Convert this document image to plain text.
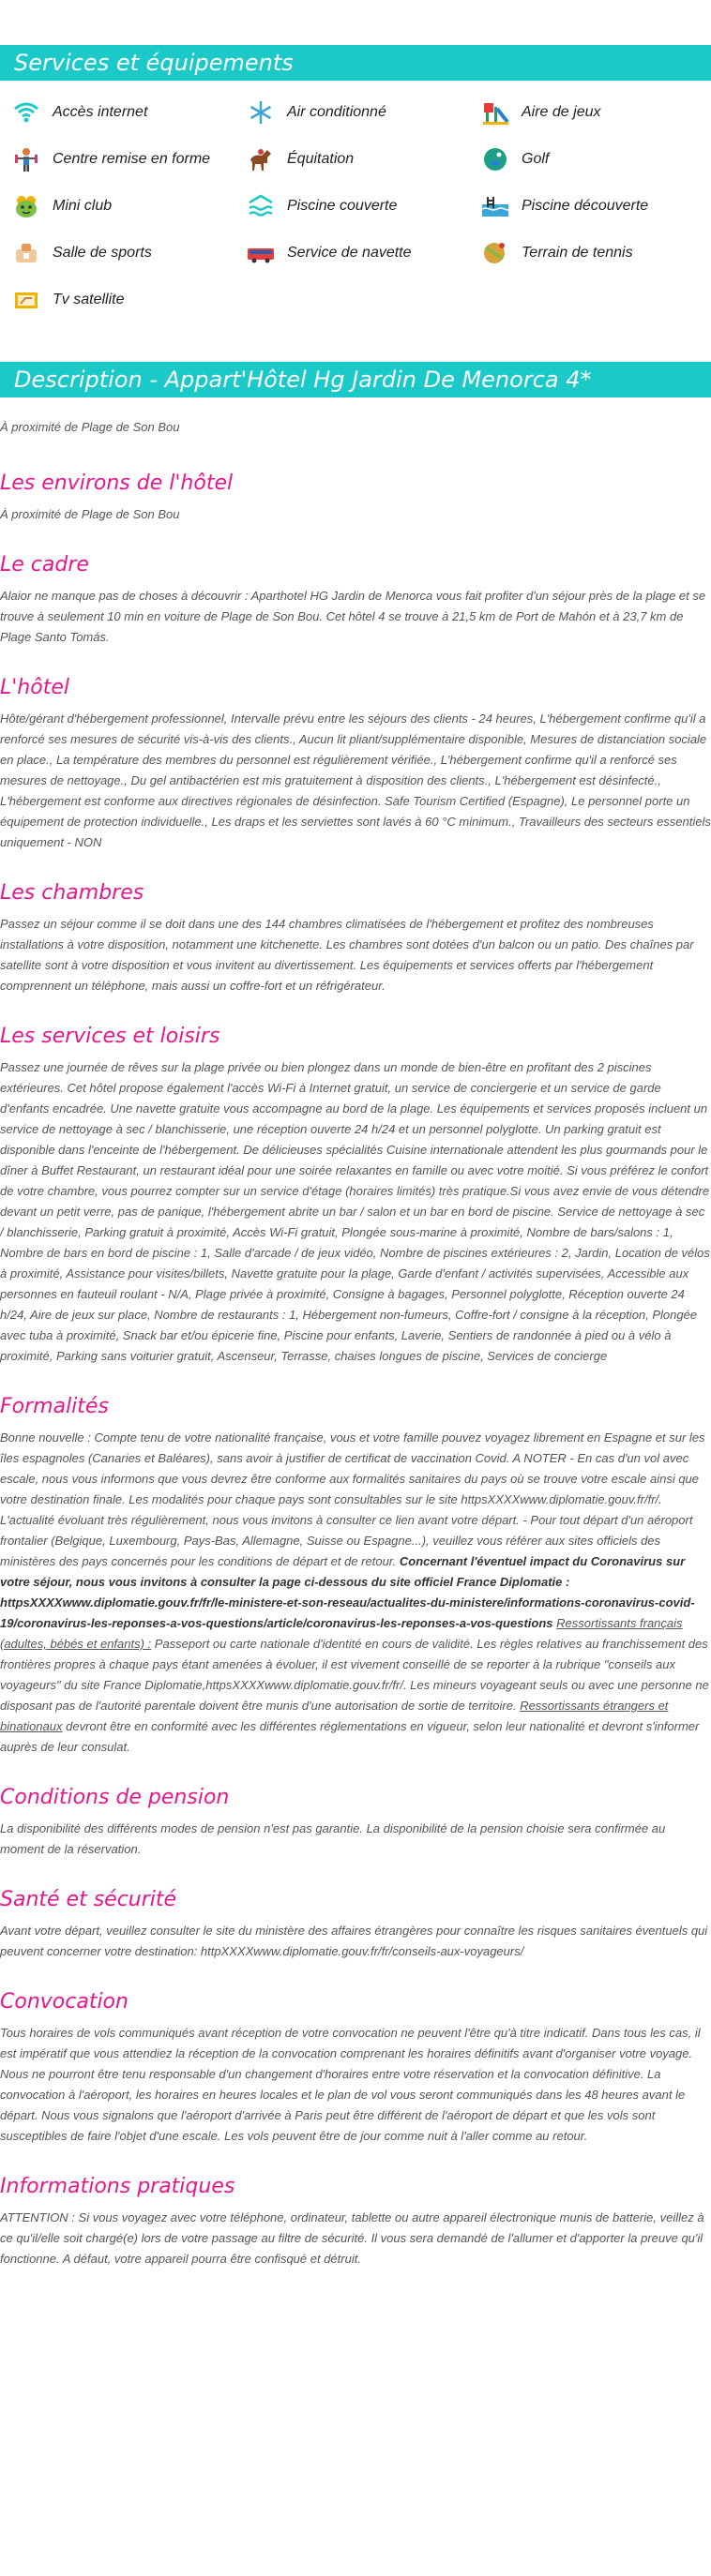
Services et équipements
Accès internet	Air conditionné	Aire de jeux
Centre remise en forme	Équitation	Golf
Mini club	Piscine couverte	Piscine découverte
Salle de sports	Service de navette	Terrain de tennis
Tv satellite
Description - Appart'Hôtel Hg Jardin De Menorca 4*
À proximité de Plage de Son Bou
Les environs de l'hôtel

À proximité de Plage de Son Bou

Le cadre

Alaior ne manque pas de choses à découvrir : Aparthotel HG Jardin de Menorca vous fait profiter d'un séjour près de la plage et se trouve à seulement 10 min en voiture de Plage de Son Bou. Cet hôtel 4 se trouve à 21,5 km de Port de Mahón et à 23,7 km de Plage Santo Tomás.

L'hôtel

Hôte/gérant d'hébergement professionnel, Intervalle prévu entre les séjours des clients - 24 heures, L'hébergement confirme qu'il a renforcé ses mesures de sécurité vis-à-vis des clients., Aucun lit pliant/supplémentaire disponible, Mesures de distanciation sociale en place., La température des membres du personnel est régulièrement vérifiée., L'hébergement confirme qu'il a renforcé ses mesures de nettoyage., Du gel antibactérien est mis gratuitement à disposition des clients., L'hébergement est désinfecté., L'hébergement est conforme aux directives régionales de désinfection. Safe Tourism Certified (Espagne), Le personnel porte un équipement de protection individuelle., Les draps et les serviettes sont lavés à 60 °C minimum., Travailleurs des secteurs essentiels uniquement - NON

Les chambres

Passez un séjour comme il se doit dans une des 144 chambres climatisées de l'hébergement et profitez des nombreuses installations à votre disposition, notamment une kitchenette. Les chambres sont dotées d'un balcon ou un patio. Des chaînes par satellite sont à votre disposition et vous invitent au divertissement. Les équipements et services offerts par l'hébergement comprennent un téléphone, mais aussi un coffre-fort et un réfrigérateur.

Les services et loisirs

Passez une journée de rêves sur la plage privée ou bien plongez dans un monde de bien-être en profitant des 2 piscines extérieures. Cet hôtel propose également l'accès Wi-Fi à Internet gratuit, un service de conciergerie et un service de garde d'enfants encadrée. Une navette gratuite vous accompagne au bord de la plage. Les équipements et services proposés incluent un service de nettoyage à sec / blanchisserie, une réception ouverte 24 h/24 et un personnel polyglotte. Un parking gratuit est disponible dans l'enceinte de l'hébergement. De délicieuses spécialités Cuisine internationale attendent les plus gourmands pour le dîner à Buffet Restaurant, un restaurant idéal pour une soirée relaxantes en famille ou avec votre moitié. Si vous préférez le confort de votre chambre, vous pourrez compter sur un service d'étage (horaires limités) très pratique.Si vous avez envie de vous détendre devant un petit verre, pas de panique, l'hébergement abrite un bar / salon et un bar en bord de piscine. Service de nettoyage à sec / blanchisserie, Parking gratuit à proximité, Accès Wi-Fi gratuit, Plongée sous-marine à proximité, Nombre de bars/salons : 1, Nombre de bars en bord de piscine : 1, Salle d'arcade / de jeux vidéo, Nombre de piscines extérieures : 2, Jardin, Location de vélos à proximité, Assistance pour visites/billets, Navette gratuite pour la plage, Garde d'enfant / activités supervisées, Accessible aux personnes en fauteuil roulant - N/A, Plage privée à proximité, Consigne à bagages, Personnel polyglotte, Réception ouverte 24 h/24, Aire de jeux sur place, Nombre de restaurants : 1, Hébergement non-fumeurs, Coffre-fort / consigne à la réception, Plongée avec tuba à proximité, Snack bar et/ou épicerie fine, Piscine pour enfants, Laverie, Sentiers de randonnée à pied ou à vélo à proximité, Parking sans voiturier gratuit, Ascenseur, Terrasse, chaises longues de piscine, Services de concierge

Formalités

Bonne nouvelle : Compte tenu de votre nationalité française, vous et votre famille pouvez voyagez librement en Espagne et sur les îles espagnoles (Canaries et Baléares), sans avoir à justifier de certificat de vaccination Covid. A NOTER - En cas d'un vol avec escale, nous vous informons que vous devrez être conforme aux formalités sanitaires du pays où se trouve votre escale ainsi que votre destination finale. Les modalités pour chaque pays sont consultables sur le site httpsXXXXwww.diplomatie.gouv.fr/fr/. L'actualité évoluant très régulièrement, nous vous invitons à consulter ce lien avant votre départ. - Pour tout départ d'un aéroport frontalier (Belgique, Luxembourg, Pays-Bas, Allemagne, Suisse ou Espagne...), veuillez vous référer aux sites officiels des ministères des pays concernés pour les conditions de départ et de retour. Concernant l'éventuel impact du Coronavirus sur votre séjour, nous vous invitons à consulter la page ci-dessous du site officiel France Diplomatie : httpsXXXXwww.diplomatie.gouv.fr/fr/le-ministere-et-son-reseau/actualites-du-ministere/informations-coronavirus-covid-19/coronavirus-les-reponses-a-vos-questions/article/coronavirus-les-reponses-a-vos-questions Ressortissants français (adultes, bébés et enfants) : Passeport ou carte nationale d'identité en cours de validité. Les règles relatives au franchissement des frontières propres à chaque pays étant amenées à évoluer, il est vivement conseillé de se reporter à la rubrique "conseils aux voyageurs" du site France Diplomatie,httpsXXXXwww.diplomatie.gouv.fr/fr/. Les mineurs voyageant seuls ou avec une personne ne disposant pas de l'autorité parentale doivent être munis d'une autorisation de sortie de territoire. Ressortissants étrangers et binationaux devront être en conformité avec les différentes réglementations en vigueur, selon leur nationalité et devront s'informer auprès de leur consulat.

Conditions de pension

La disponibilité des différents modes de pension n'est pas garantie. La disponibilité de la pension choisie sera confirmée au moment de la réservation.

Santé et sécurité

Avant votre départ, veuillez consulter le site du ministère des affaires étrangères pour connaître les risques sanitaires éventuels qui peuvent concerner votre destination: httpXXXXwww.diplomatie.gouv.fr/fr/conseils-aux-voyageurs/

Convocation

Tous horaires de vols communiqués avant réception de votre convocation ne peuvent l'être qu'à titre indicatif. Dans tous les cas, il est impératif que vous attendiez la réception de la convocation comprenant les horaires définitifs avant d'organiser votre voyage. Nous ne pourront être tenu responsable d'un changement d'horaires entre votre réservation et la convocation définitive. La convocation à l'aéroport, les horaires en heures locales et le plan de vol vous seront communiqués dans les 48 heures avant le départ. Nous vous signalons que l'aéroport d'arrivée à Paris peut être différent de l'aéroport de départ et que les vols sont susceptibles de faire l'objet d'une escale. Les vols peuvent être de jour comme nuit à l'aller comme au retour.

Informations pratiques

ATTENTION : Si vous voyagez avec votre téléphone, ordinateur, tablette ou autre appareil électronique munis de batterie, veillez à ce qu'il/elle soit chargé(e) lors de votre passage au filtre de sécurité. Il vous sera demandé de l'allumer et d'apporter la preuve qu'il fonctionne. A défaut, votre appareil pourra être confisqué et détruit.
